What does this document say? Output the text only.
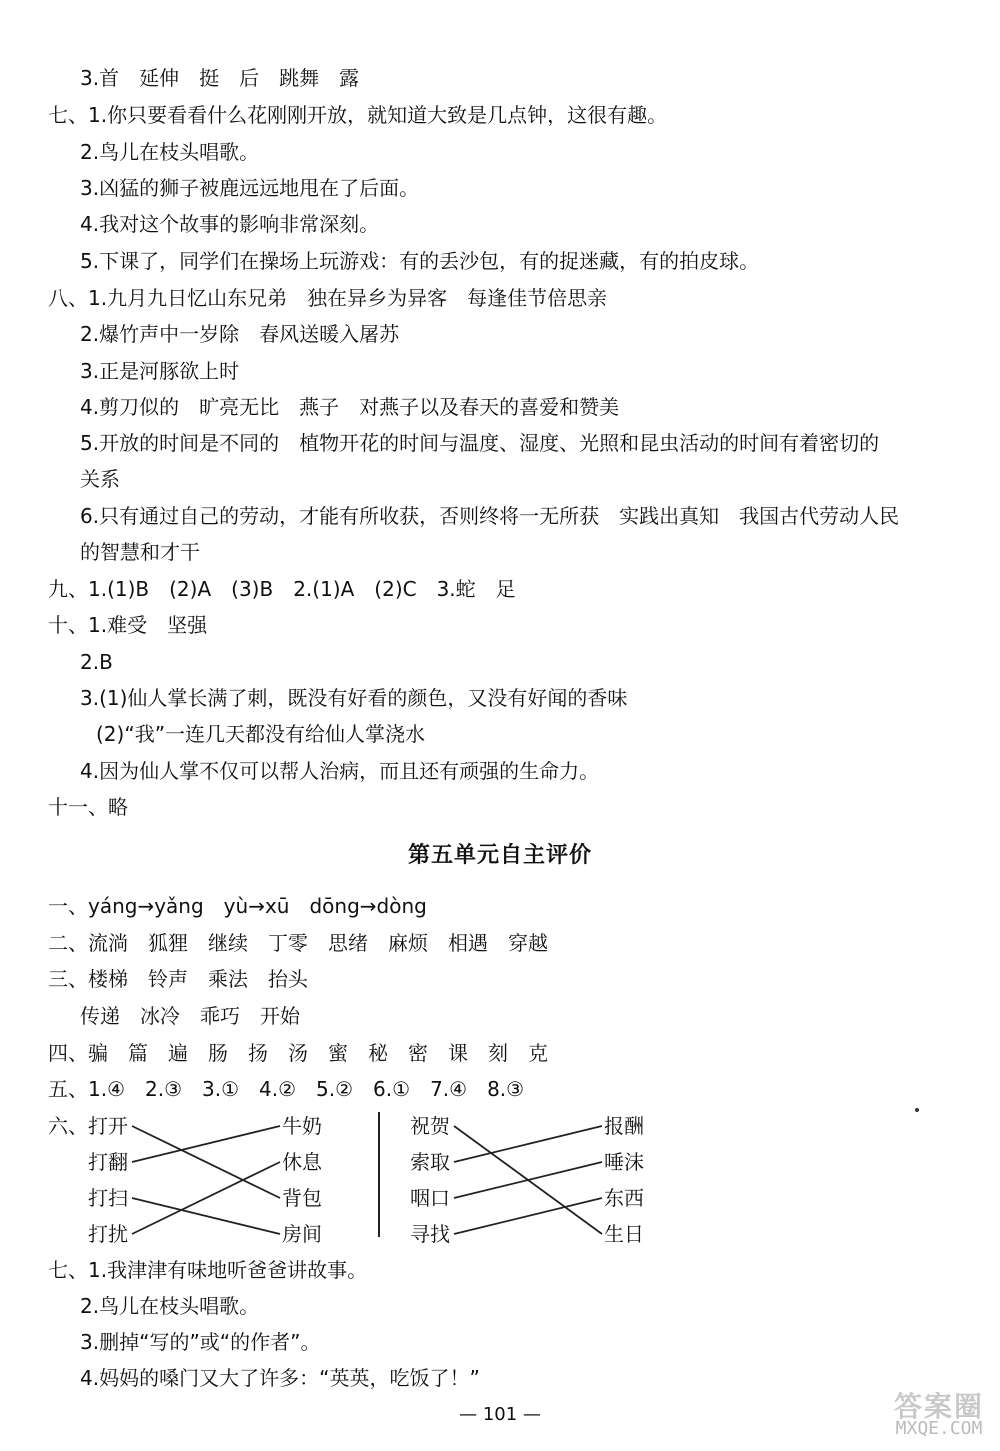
3.首　延伸　挺　后　跳舞　露
七、1.你只要看看什么花刚刚开放，就知道大致是几点钟，这很有趣。
2.鸟儿在枝头唱歌。
3.凶猛的狮子被鹿远远地甩在了后面。
4.我对这个故事的影响非常深刻。
5.下课了，同学们在操场上玩游戏：有的丢沙包，有的捉迷藏，有的拍皮球。
八、1.九月九日忆山东兄弟　独在异乡为异客　每逢佳节倍思亲
2.爆竹声中一岁除　春风送暖入屠苏
3.正是河豚欲上时
4.剪刀似的　旷亮无比　燕子　对燕子以及春天的喜爱和赞美
5.开放的时间是不同的　植物开花的时间与温度、湿度、光照和昆虫活动的时间有着密切的
关系
6.只有通过自己的劳动，才能有所收获，否则终将一无所获　实践出真知　我国古代劳动人民
的智慧和才干
九、1.(1)B　(2)A　(3)B　2.(1)A　(2)C　3.蛇　足
十、1.难受　坚强
2.B
3.(1)仙人掌长满了刺，既没有好看的颜色，又没有好闻的香味
(2)“我”一连几天都没有给仙人掌浇水
4.因为仙人掌不仅可以帮人治病，而且还有顽强的生命力。
十一、略
第五单元自主评价
一、yáng→yǎng　yù→xū　dōng→dòng
二、流淌　狐狸　继续　丁零　思绪　麻烦　相遇　穿越
三、楼梯　铃声　乘法　抬头
传递　冰冷　乖巧　开始
四、骗　篇　遍　肠　扬　汤　蜜　秘　密　课　刻　克
五、1.④　2.③　3.①　4.②　5.②　6.①　7.④　8.③
六、 打开
打翻
打扫
打扰
牛奶
休息
背包
房间
祝贺
索取
咽口
寻找
报酬
唾沫
东西
生日
七、1.我津津有味地听爸爸讲故事。
2.鸟儿在枝头唱歌。
3.删掉“写的”或“的作者”。
4.妈妈的嗓门又大了许多：“英英，吃饭了！”
— 101 —	答案圈
MXQE.COM
